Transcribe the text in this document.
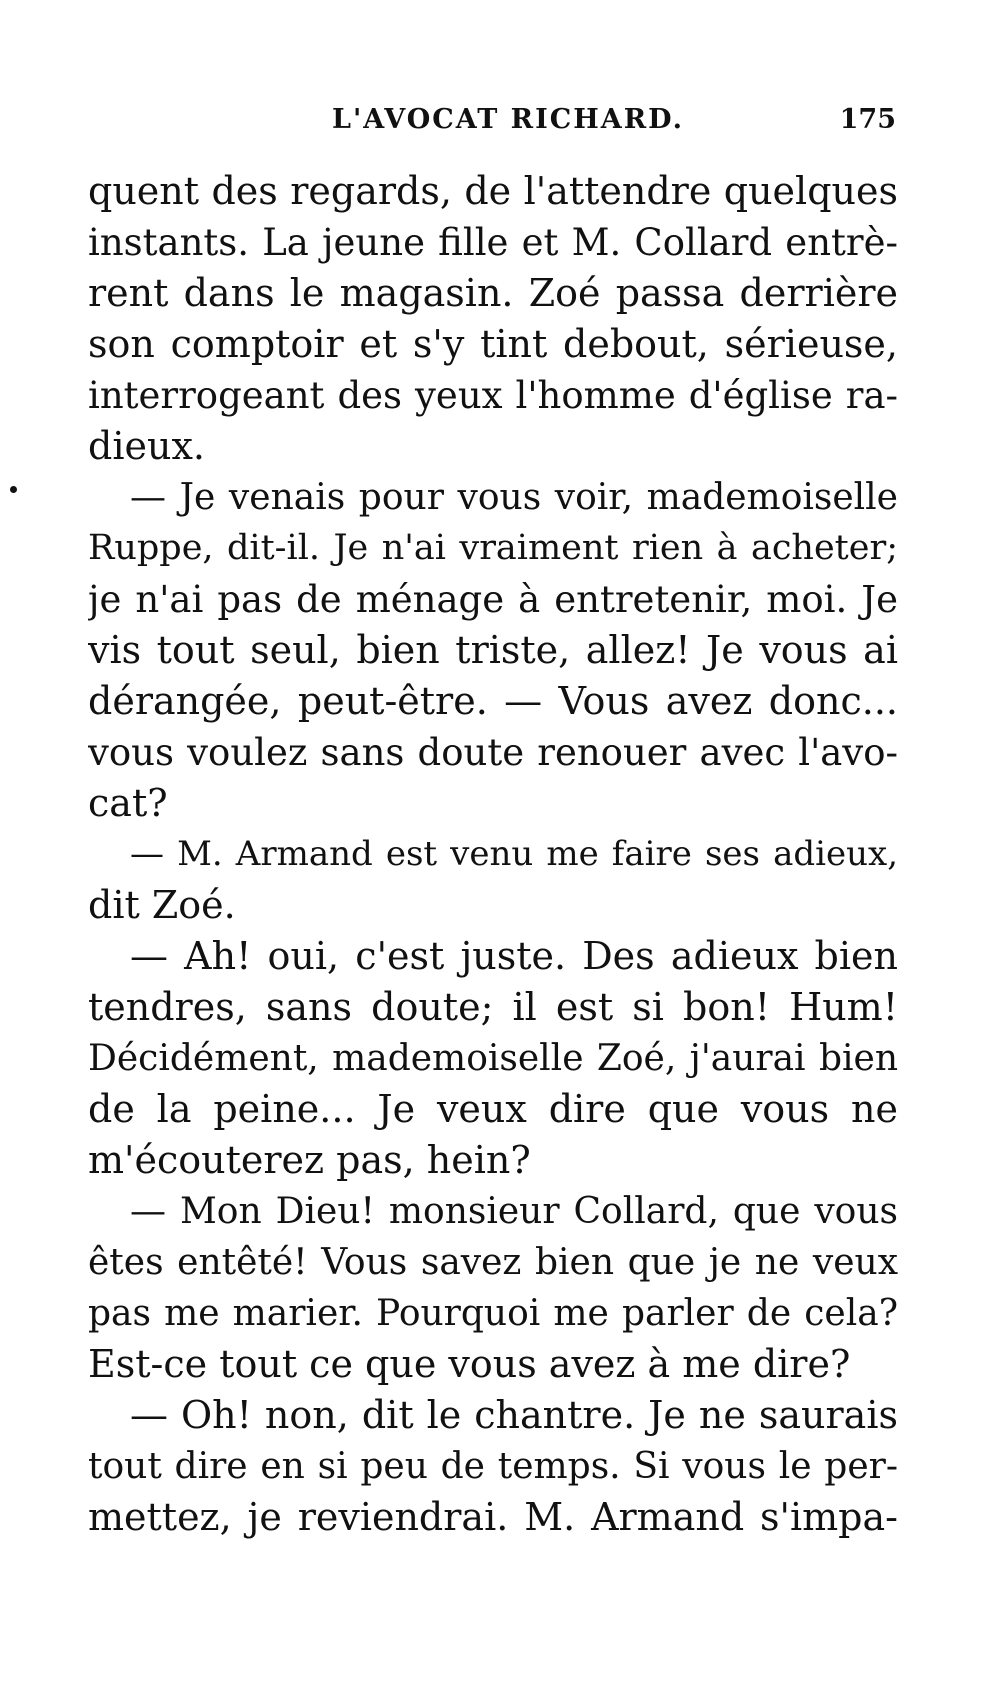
L'AVOCAT RICHARD.	175
quent des regards, de l'attendre quelques
instants. La jeune fille et M. Collard entrè-
rent dans le magasin. Zoé passa derrière
son comptoir et s'y tint debout, sérieuse,
interrogeant des yeux l'homme d'église ra-
dieux.
— Je venais pour vous voir, mademoiselle
Ruppe, dit-il. Je n'ai vraiment rien à acheter;
je n'ai pas de ménage à entretenir, moi. Je
vis tout seul, bien triste, allez! Je vous ai
dérangée, peut-être. — Vous avez donc...
vous voulez sans doute renouer avec l'avo-
cat?
— M. Armand est venu me faire ses adieux,
dit Zoé.
— Ah! oui, c'est juste. Des adieux bien
tendres, sans doute; il est si bon! Hum!
Décidément, mademoiselle Zoé, j'aurai bien
de la peine... Je veux dire que vous ne
m'écouterez pas, hein?
— Mon Dieu! monsieur Collard, que vous
êtes entêté! Vous savez bien que je ne veux
pas me marier. Pourquoi me parler de cela?
Est-ce tout ce que vous avez à me dire?
— Oh! non, dit le chantre. Je ne saurais
tout dire en si peu de temps. Si vous le per-
mettez, je reviendrai. M. Armand s'impa-
